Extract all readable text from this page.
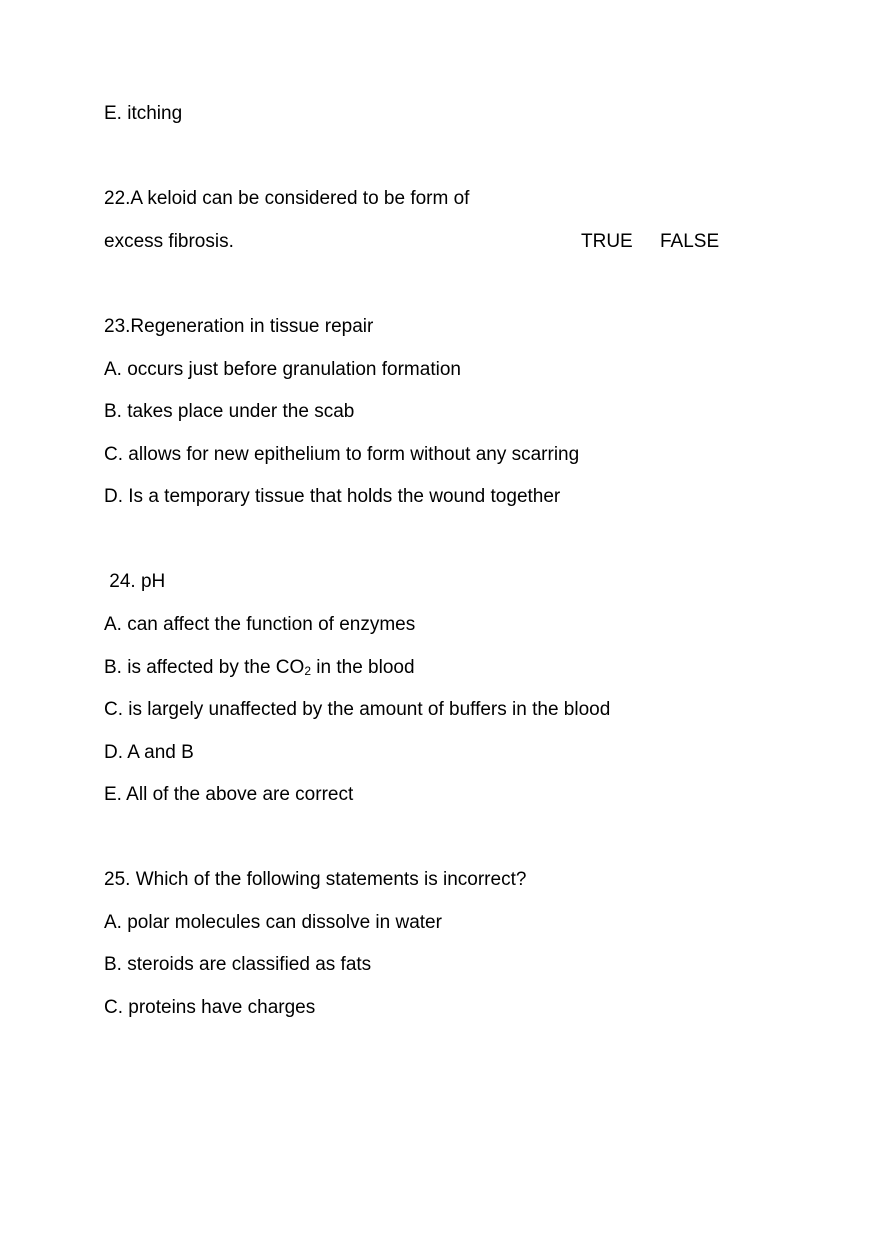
E. itching
22.A keloid can be considered to be form of
excess fibrosis.	TRUE FALSE
23.Regeneration in tissue repair
A. occurs just before granulation formation
B. takes place under the scab
C. allows for new epithelium to form without any scarring
D. Is a temporary tissue that holds the wound together
24. pH
A. can affect the function of enzymes
B. is affected by the $CO_2$ in the blood
C. is largely unaffected by the amount of buffers in the blood
D. A and B
E. All of the above are correct
25. Which of the following statements is incorrect?
A. polar molecules can dissolve in water
B. steroids are classified as fats
C. proteins have charges
